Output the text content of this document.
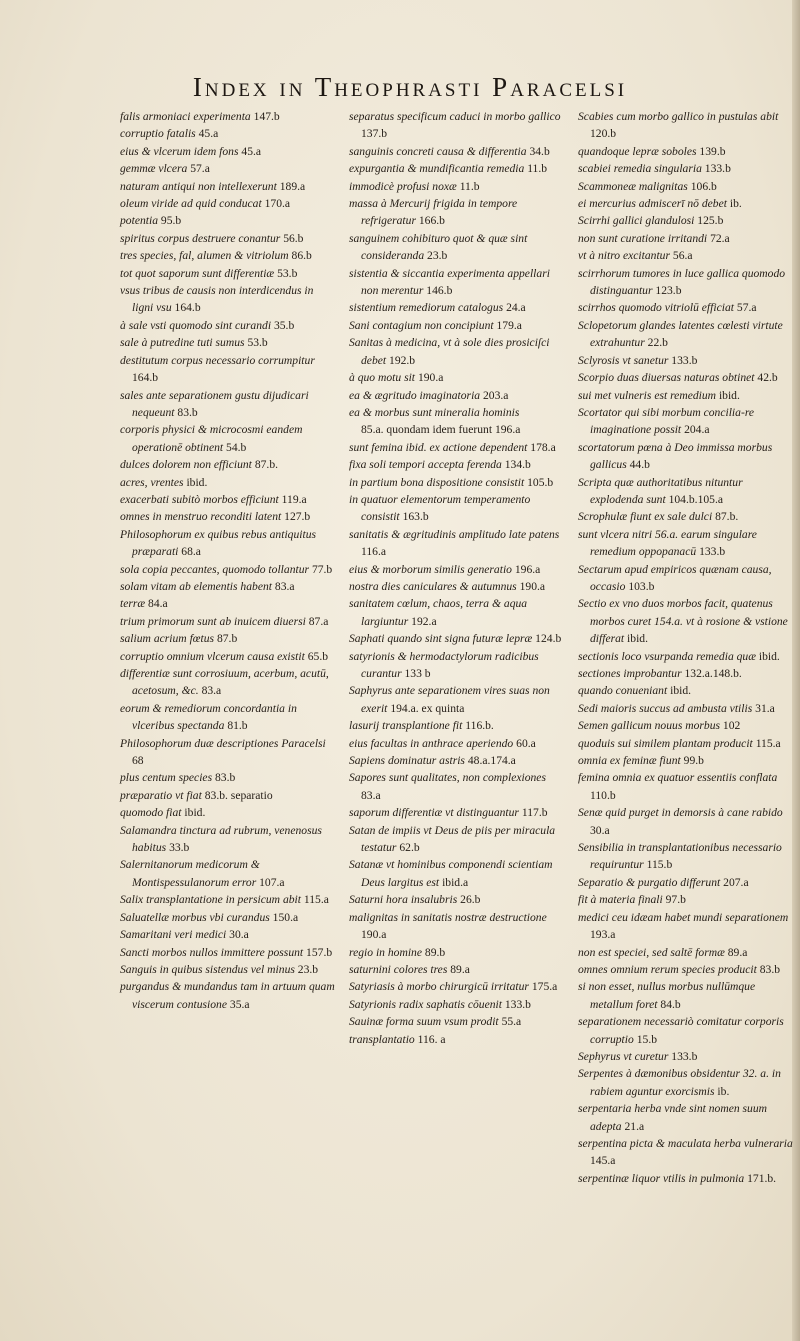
Index in Theophrasti Paracelsi

falis armoniaci experimenta 147.b

corruptio fatalis 45.a

eius & vlcerum idem fons 45.a

gemmæ vlcera 57.a

naturam antiqui non intellexerunt 189.a

oleum viride ad quid conducat 170.a

potentia 95.b

spiritus corpus destruere conantur 56.b

tres species, fal, alumen & vitriolum 86.b

tot quot saporum sunt differentiæ 53.b

vsus tribus de causis non interdicendus in ligni vsu 164.b

à sale vsti quomodo sint curandi 35.b

sale à putredine tuti sumus 53.b

destitutum corpus necessario corrumpitur 164.b

sales ante separationem gustu dijudicari nequeunt 83.b

corporis physici & microcosmi eandem operationē obtinent 54.b

dulces dolorem non efficiunt 87.b.

acres, vrentes ibid.

exacerbati subitò morbos efficiunt 119.a

omnes in menstruo reconditi latent 127.b

Philosophorum ex quibus rebus antiquitus præparati 68.a

sola copia peccantes, quomodo tollantur 77.b

solam vitam ab elementis habent 83.a

terræ 84.a

trium primorum sunt ab inuicem diuersi 87.a

salium acrium fœtus 87.b

corruptio omnium vlcerum causa existit 65.b

differentiæ sunt corrosiuum, acerbum, acutū, acetosum, &c. 83.a

eorum & remediorum concordantia in vlceribus spectanda 81.b

Philosophorum duæ descriptiones Paracelsi 68

plus centum species 83.b

præparatio vt fiat 83.b. separatio

quomodo fiat ibid.

Salamandra tinctura ad rubrum, venenosus habitus 33.b

Salernitanorum medicorum & Montispessulanorum error 107.a

Salix transplantatione in persicum abit 115.a

Saluatellæ morbus vbi curandus 150.a

Samaritani veri medici 30.a

Sancti morbos nullos immittere possunt 157.b

Sanguis in quibus sistendus vel minus 23.b

purgandus & mundandus tam in artuum quam viscerum contusione 35.a

separatus specificum caduci in morbo gallico 137.b

sanguinis concreti causa & differentia 34.b

expurgantia & mundificantia remedia 11.b

immodicè profusi noxæ 11.b

massa à Mercurij frigida in tempore refrigeratur 166.b

sanguinem cohibituro quot & quæ sint consideranda 23.b

sistentia & siccantia experimenta appellari non merentur 146.b

sistentium remediorum catalogus 24.a

Sani contagium non concipiunt 179.a

Sanitas à medicina, vt à sole dies prosiciſci debet 192.b

à quo motu sit 190.a

ea & ægritudo imaginatoria 203.a

ea & morbus sunt mineralia hominis 85.a. quondam idem fuerunt 196.a

sunt femina ibid. ex actione dependent 178.a

fixa soli tempori accepta ferenda 134.b

in partium bona dispositione consistit 105.b

in quatuor elementorum temperamento consistit 163.b

sanitatis & ægritudinis amplitudo late patens 116.a

eius & morborum similis generatio 196.a

nostra dies caniculares & autumnus 190.a

sanitatem cœlum, chaos, terra & aqua largiuntur 192.a

Saphati quando sint signa futuræ lepræ 124.b

satyrionis & hermodactylorum radicibus curantur 133 b

Saphyrus ante separationem vires suas non exerit 194.a. ex quinta

lasurij transplantione fit 116.b.

eius facultas in anthrace aperiendo 60.a

Sapiens dominatur astris 48.a.174.a

Sapores sunt qualitates, non complexiones 83.a

saporum differentiæ vt distinguantur 117.b

Satan de impiis vt Deus de piis per miracula testatur 62.b

Satanæ vt hominibus componendi scientiam Deus largitus est ibid.a

Saturni hora insalubris 26.b

malignitas in sanitatis nostræ destructione 190.a

regio in homine 89.b

saturnini colores tres 89.a

Satyriasis à morbo chirurgicū irritatur 175.a

Satyrionis radix saphatis cōuenit 133.b

Sauinæ forma suum vsum prodit 55.a

transplantatio 116. a

Scabies cum morbo gallico in pustulas abit 120.b

quandoque lepræ soboles 139.b

scabiei remedia singularia 133.b

Scammoneæ malignitas 106.b

ei mercurius admiscerī nō debet ib.

Scirrhi gallici glandulosi 125.b

non sunt curatione irritandi 72.a

vt à nitro excitantur 56.a

scirrhorum tumores in luce gallica quomodo distinguantur 123.b

scirrhos quomodo vitriolū efficiat 57.a

Sclopetorum glandes latentes cœlesti virtute extrahuntur 22.b

Sclyrosis vt sanetur 133.b

Scorpio duas diuersas naturas obtinet 42.b

sui met vulneris est remedium ibid.

Scortator qui sibi morbum concilia-re imaginatione possit 204.a

scortatorum pœna à Deo immissa morbus gallicus 44.b

Scripta quæ authoritatibus nituntur explodenda sunt 104.b.105.a

Scrophulæ fiunt ex sale dulci 87.b.

sunt vlcera nitri 56.a. earum singulare remedium oppopanacū 133.b

Sectarum apud empiricos quænam causa, occasio 103.b

Sectio ex vno duos morbos facit, quatenus morbos curet 154.a. vt à rosione & vstione differat ibid.

sectionis loco vsurpanda remedia quæ ibid.

sectiones improbantur 132.a.148.b.

quando conueniant ibid.

Sedi maioris succus ad ambusta vtilis 31.a

Semen gallicum nouus morbus 102

quoduis sui similem plantam producit 115.a

omnia ex feminæ fiunt 99.b

femina omnia ex quatuor essentiis conflata 110.b

Senæ quid purget in demorsis à cane rabido 30.a

Sensibilia in transplantationibus necessario requiruntur 115.b

Separatio & purgatio differunt 207.a

fit à materia finali 97.b

medici ceu idæam habet mundi separationem 193.a

non est speciei, sed saltē formæ 89.a

omnes omnium rerum species producit 83.b

si non esset, nullus morbus nullūmque metallum foret 84.b

separationem necessariò comitatur corporis corruptio 15.b

Sephyrus vt curetur 133.b

Serpentes à dæmonibus obsidentur 32. a. in rabiem aguntur exorcismis ib.

serpentaria herba vnde sint nomen suum adepta 21.a

serpentina picta & maculata herba vulneraria 145.a

serpentinæ liquor vtilis in pulmonia 171.b.
